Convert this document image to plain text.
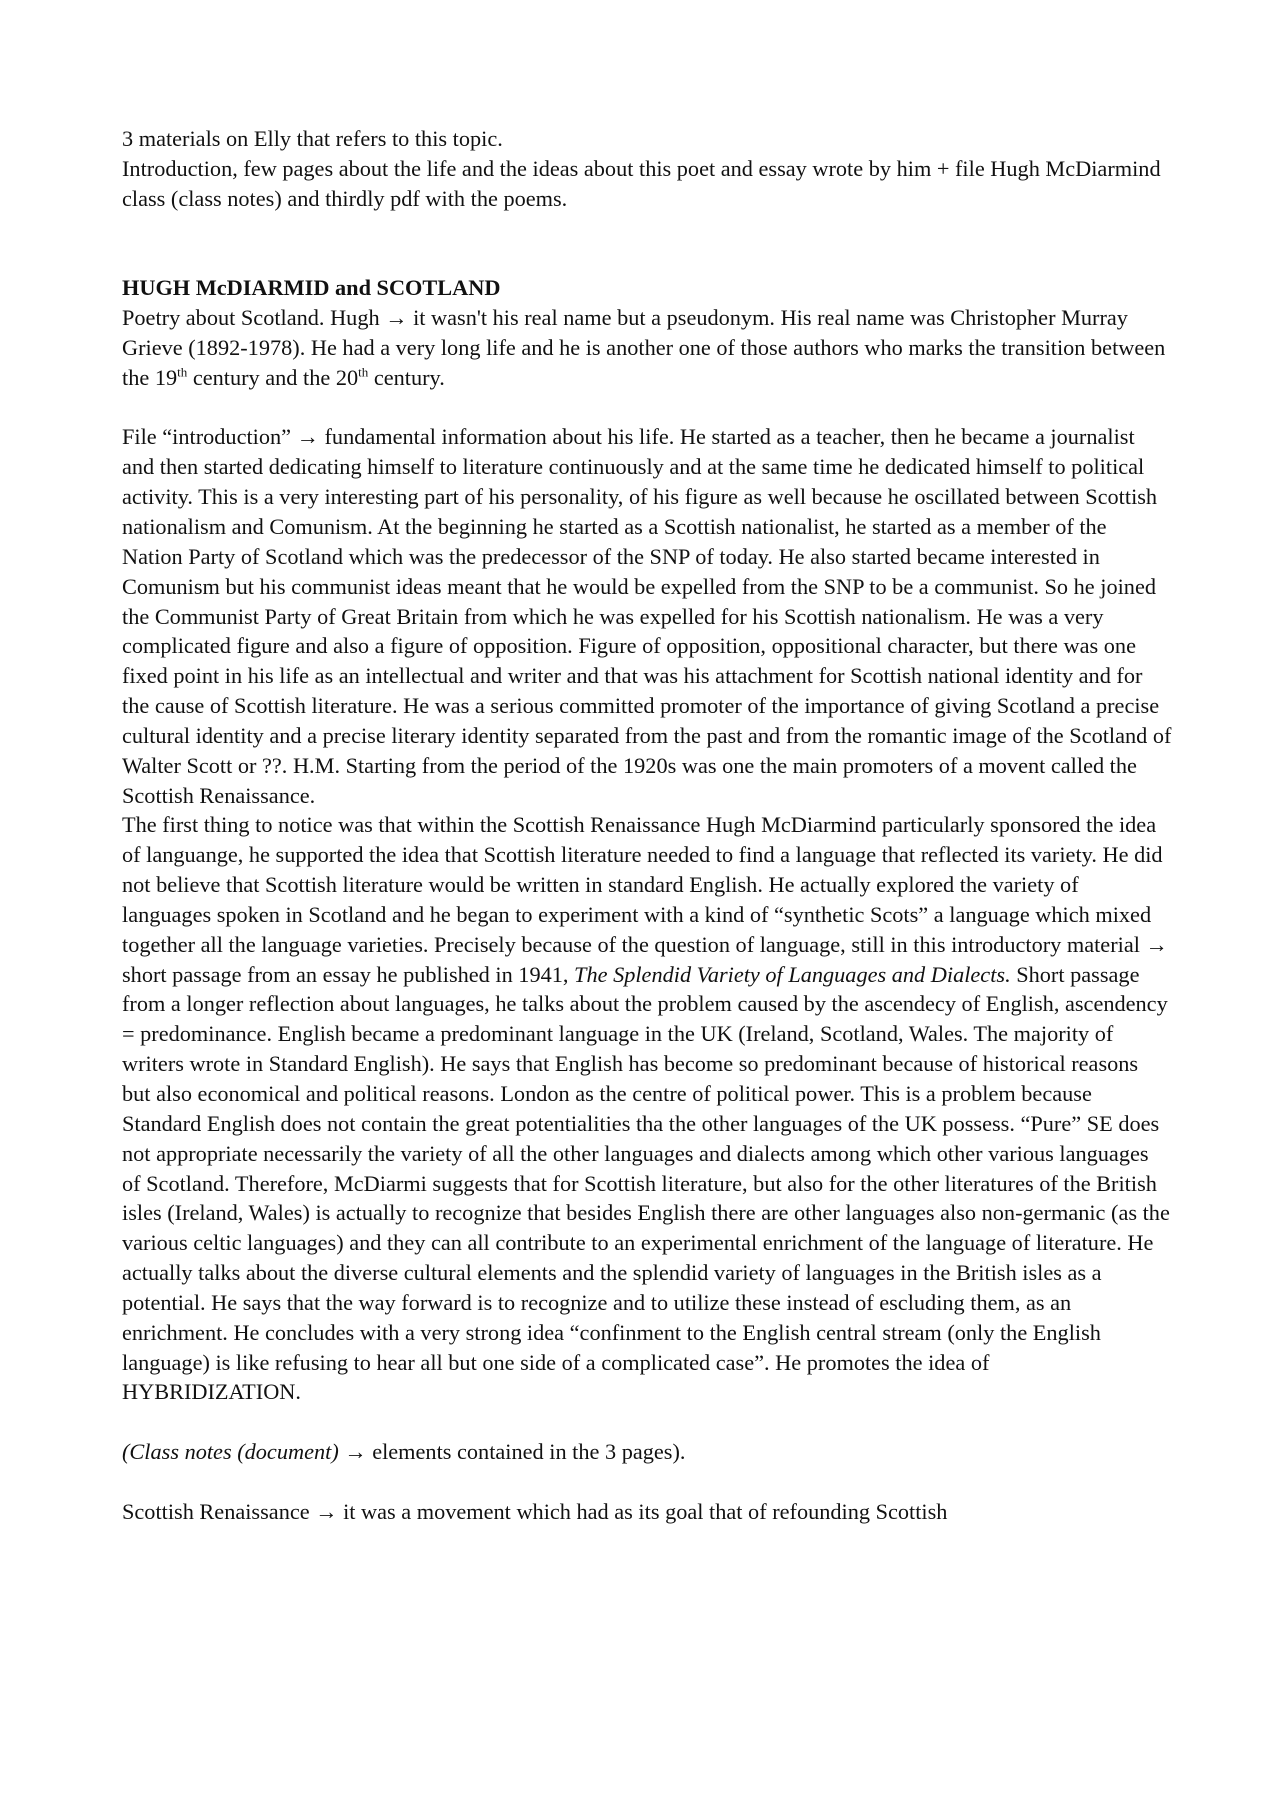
3 materials on Elly that refers to this topic.

Introduction, few pages about the life and the ideas about this poet and essay wrote by him + file Hugh McDiarmind class (class notes) and thirdly pdf with the poems.

HUGH McDIARMID and SCOTLAND

Poetry about Scotland. Hugh → it wasn't his real name but a pseudonym. His real name was Christopher Murray Grieve (1892-1978). He had a very long life and he is another one of those authors who marks the transition between the 19th century and the 20th century.

File “introduction” → fundamental information about his life. He started as a teacher, then he became a journalist and then started dedicating himself to literature continuously and at the same time he dedicated himself to political activity. This is a very interesting part of his personality, of his figure as well because he oscillated between Scottish nationalism and Comunism. At the beginning he started as a Scottish nationalist, he started as a member of the Nation Party of Scotland which was the predecessor of the SNP of today. He also started became interested in Comunism but his communist ideas meant that he would be expelled from the SNP to be a communist. So he joined the Communist Party of Great Britain from which he was expelled for his Scottish nationalism. He was a very complicated figure and also a figure of opposition. Figure of opposition, oppositional character, but there was one fixed point in his life as an intellectual and writer and that was his attachment for Scottish national identity and for the cause of Scottish literature. He was a serious committed promoter of the importance of giving Scotland a precise cultural identity and a precise literary identity separated from the past and from the romantic image of the Scotland of Walter Scott or ??. H.M. Starting from the period of the 1920s was one the main promoters of a movent called the Scottish Renaissance.

The first thing to notice was that within the Scottish Renaissance Hugh McDiarmind particularly sponsored the idea of languange, he supported the idea that Scottish literature needed to find a language that reflected its variety. He did not believe that Scottish literature would be written in standard English. He actually explored the variety of languages spoken in Scotland and he began to experiment with a kind of “synthetic Scots” a language which mixed together all the language varieties. Precisely because of the question of language, still in this introductory material → short passage from an essay he published in 1941, The Splendid Variety of Languages and Dialects. Short passage from a longer reflection about languages, he talks about the problem caused by the ascendecy of English, ascendency = predominance. English became a predominant language in the UK (Ireland, Scotland, Wales. The majority of writers wrote in Standard English). He says that English has become so predominant because of historical reasons but also economical and political reasons. London as the centre of political power. This is a problem because Standard English does not contain the great potentialities tha the other languages of the UK possess. “Pure” SE does not appropriate necessarily the variety of all the other languages and dialects among which other various languages of Scotland. Therefore, McDiarmi suggests that for Scottish literature, but also for the other literatures of the British isles (Ireland, Wales) is actually to recognize that besides English there are other languages also non-germanic (as the various celtic languages) and they can all contribute to an experimental enrichment of the language of literature. He actually talks about the diverse cultural elements and the splendid variety of languages in the British isles as a potential. He says that the way forward is to recognize and to utilize these instead of escluding them, as an enrichment. He concludes with a very strong idea “confinment to the English central stream (only the English language) is like refusing to hear all but one side of a complicated case”. He promotes the idea of HYBRIDIZATION.

(Class notes (document) → elements contained in the 3 pages).

Scottish Renaissance → it was a movement which had as its goal that of refounding Scottish
